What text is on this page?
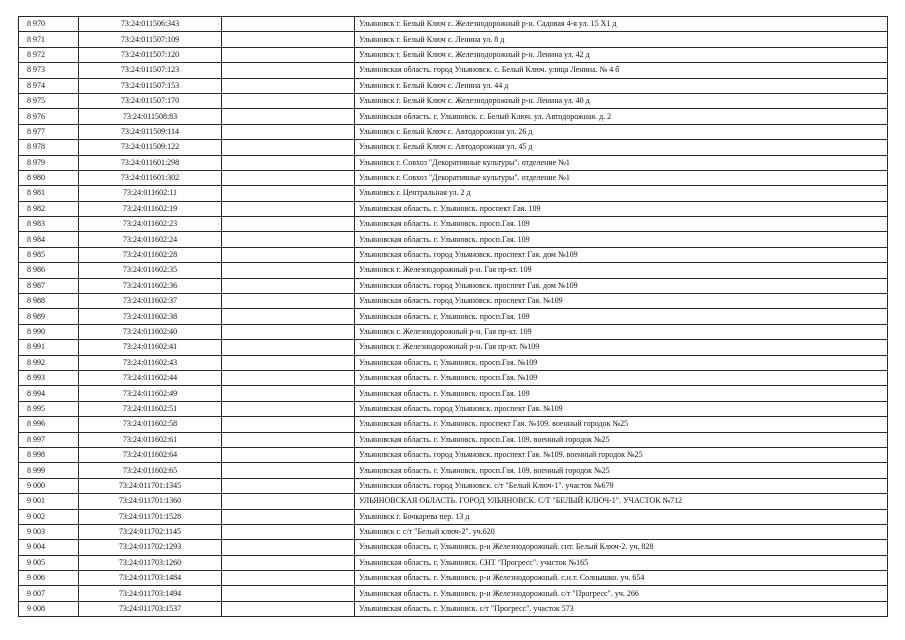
8 970	73:24:011506:343		Ульяновск г. Белый Ключ с. Железнодорожный р-н. Садовая 4-я ул. 15 Х1 д
8 971	73:24:011507:109		Ульяновск г. Белый Ключ с. Ленина ул. 8 д
8 972	73:24:011507:120		Ульяновск г. Белый Ключ с. Железнодорожный р-н. Ленина ул. 42 д
8 973	73:24:011507:123		Ульяновская область. город Ульяновск. с. Белый Ключ. улица Ленина. № 4 б
8 974	73:24:011507:153		Ульяновск г. Белый Ключ с. Ленина ул. 44 д
8 975	73:24:011507:170		Ульяновск г. Белый Ключ с. Железнодорожный р-н. Ленина ул. 40 д
8 976	73:24:011508:83		Ульяновская область. г. Ульяновск. с. Белый Ключ. ул. Автодорожная. д. 2
8 977	73:24:011509:114		Ульяновск г. Белый Ключ с. Автодорожная ул. 26 д
8 978	73:24:011509:122		Ульяновск г. Белый Ключ с. Автодорожная ул. 45 д
8 979	73:24:011601:298		Ульяновск г. Совхоз "Декоративные культуры". отделение №1
8 980	73:24:011601:302		Ульяновск г. Совхоз "Декоративные культуры". отделение №1
8 981	73:24:011602:11		Ульяновск г. Центральная ул. 2 д
8 982	73:24:011602:19		Ульяновская область. г. Ульяновск. проспект Гая. 109
8 983	73:24:011602:23		Ульяновская область. г. Ульяновск. просп.Гая. 109
8 984	73:24:011602:24		Ульяновская область. г. Ульяновск. просп.Гая. 109
8 985	73:24:011602:28		Ульяновская область. город Ульяновск. проспект Гая. дом №109
8 986	73:24:011602:35		Ульяновск г. Железнодорожный р-н. Гая пр-кт. 109
8 987	73:24:011602:36		Ульяновская область. город Ульяновск. проспект Гая. дом №109
8 988	73:24:011602:37		Ульяновская область. город Ульяновск. проспект Гая. №109
8 989	73:24:011602:38		Ульяновская область. г. Ульяновск. просп.Гая. 109
8 990	73:24:011602:40		Ульяновск г. Железнодорожный р-н. Гая пр-кт. 109
8 991	73:24:011602:41		Ульяновск г. Железнодорожный р-н. Гая пр-кт. №109
8 992	73:24:011602:43		Ульяновская область. г. Ульяновск. просп.Гая. №109
8 993	73:24:011602:44		Ульяновская область. г. Ульяновск. просп.Гая. №109
8 994	73:24:011602:49		Ульяновская область. г. Ульяновск. просп.Гая. 109
8 995	73:24:011602:51		Ульяновская область. город Ульяновск. проспект Гая. №109
8 996	73:24:011602:58		Ульяновская область. г. Ульяновск. проспект Гая. №109. военный городок №25
8 997	73:24:011602:61		Ульяновская область. г. Ульяновск. просп.Гая. 109. военный городок №25
8 998	73:24:011602:64		Ульяновская область. город Ульяновск. проспект Гая. №109. военный городок №25
8 999	73:24:011602:65		Ульяновская область. г. Ульяновск. просп.Гая. 109. военный городок №25
9 000	73:24:011701:1345		Ульяновская область. город Ульяновск. с/т "Белый Ключ-1". участок №679
9 001	73:24:011701:1360		УЛЬЯНОВСКАЯ ОБЛАСТЬ. ГОРОД УЛЬЯНОВСК. С/Т "БЕЛЫЙ КЛЮЧ-1". УЧАСТОК №712
9 002	73:24:011701:1528		Ульяновск г. Бочкарева пер. 13 д
9 003	73:24:011702:1145		Ульяновск г. с/т "Белый ключ-2". уч.620
9 004	73:24:011702:1293		Ульяновская область. г. Ульяновск. р-н Железнодорожный. снт. Белый Ключ-2. уч. 828
9 005	73:24:011703:1260		Ульяновская область. г. Ульяновск. СНТ "Прогресс". участок №165
9 006	73:24:011703:1484		Ульяновская область. г. Ульяновск. р-н Железнодорожный. с.н.т. Солнышко. уч. 654
9 007	73:24:011703:1494		Ульяновская область. г. Ульяновск. р-н Железнодорожный. с/т "Прогресс". уч. 266
9 008	73:24:011703:1537		Ульяновская область. г. Ульяновск. с/т "Прогресс". участок 573
